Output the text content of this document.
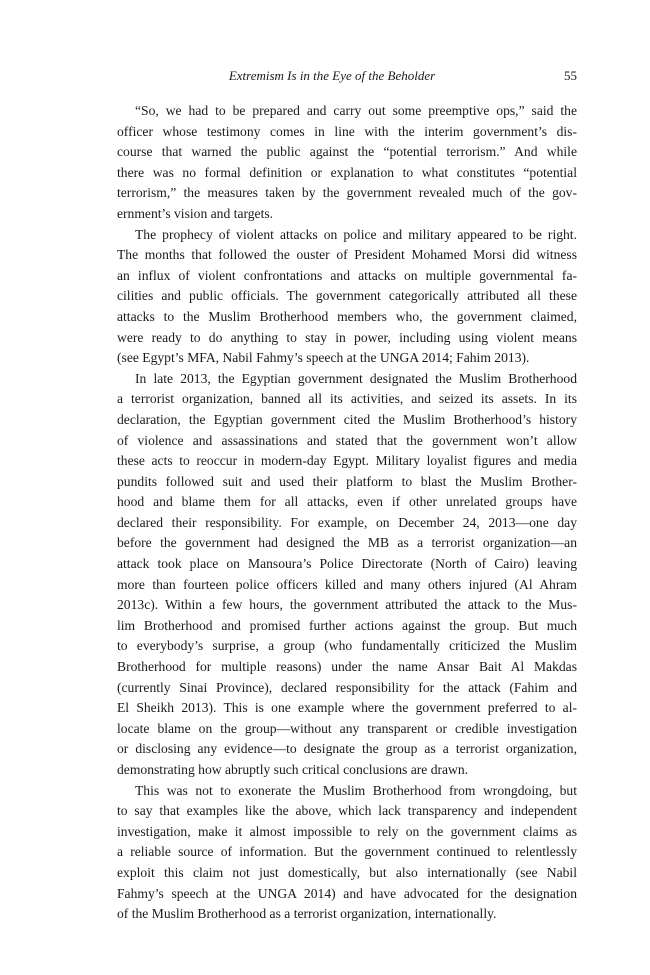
Extremism Is in the Eye of the Beholder	55
“So, we had to be prepared and carry out some preemptive ops,” said the
officer whose testimony comes in line with the interim government’s dis-
course that warned the public against the “potential terrorism.” And while
there was no formal definition or explanation to what constitutes “potential
terrorism,” the measures taken by the government revealed much of the gov-
ernment’s vision and targets.
The prophecy of violent attacks on police and military appeared to be right.
The months that followed the ouster of President Mohamed Morsi did witness
an influx of violent confrontations and attacks on multiple governmental fa-
cilities and public officials. The government categorically attributed all these
attacks to the Muslim Brotherhood members who, the government claimed,
were ready to do anything to stay in power, including using violent means
(see Egypt’s MFA, Nabil Fahmy’s speech at the UNGA 2014; Fahim 2013).
In late 2013, the Egyptian government designated the Muslim Brotherhood
a terrorist organization, banned all its activities, and seized its assets. In its
declaration, the Egyptian government cited the Muslim Brotherhood’s history
of violence and assassinations and stated that the government won’t allow
these acts to reoccur in modern-day Egypt. Military loyalist figures and media
pundits followed suit and used their platform to blast the Muslim Brother-
hood and blame them for all attacks, even if other unrelated groups have
declared their responsibility. For example, on December 24, 2013—one day
before the government had designed the MB as a terrorist organization—an
attack took place on Mansoura’s Police Directorate (North of Cairo) leaving
more than fourteen police officers killed and many others injured (Al Ahram
2013c). Within a few hours, the government attributed the attack to the Mus-
lim Brotherhood and promised further actions against the group. But much
to everybody’s surprise, a group (who fundamentally criticized the Muslim
Brotherhood for multiple reasons) under the name Ansar Bait Al Makdas
(currently Sinai Province), declared responsibility for the attack (Fahim and
El Sheikh 2013). This is one example where the government preferred to al-
locate blame on the group—without any transparent or credible investigation
or disclosing any evidence—to designate the group as a terrorist organization,
demonstrating how abruptly such critical conclusions are drawn.
This was not to exonerate the Muslim Brotherhood from wrongdoing, but
to say that examples like the above, which lack transparency and independent
investigation, make it almost impossible to rely on the government claims as
a reliable source of information. But the government continued to relentlessly
exploit this claim not just domestically, but also internationally (see Nabil
Fahmy’s speech at the UNGA 2014) and have advocated for the designation
of the Muslim Brotherhood as a terrorist organization, internationally.
